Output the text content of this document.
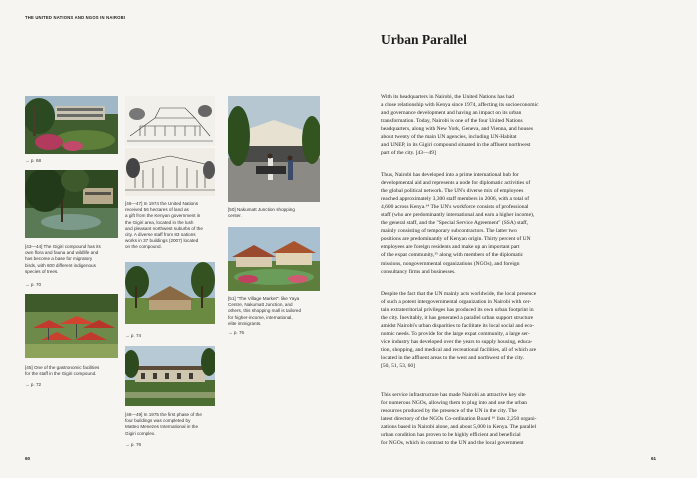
THE UNITED NATIONS AND NGOS IN NAIROBI
→ p. 68
[43—44] The Gigiri compound has its
own flora and fauna and wildlife and
has become a base for migratory
birds, with 600 different indigenous
species of trees.
→ p. 70
[45] One of the gastronomic facilities
for the staff in the Gigiri compound.
→ p. 72
[46—47] In 1974 the United Nations
received 56 hectares of land as
a gift from the Kenyan government in
the Gigiri area, located in the lush
and pleasant northwest suburbs of the
city. A diverse staff from 83 nations
works in 37 buildings (2007) located
on the compound.
→ p. 74
[48—49] In 1975 the first phase of the
four buildings was completed by
Matteo Menezes International in the
Gigiri complex.
→ p. 76
[50] Nakumatt Junction shopping
center.
[51] "The Village Market": like Yaya
Centre, Nakumatt Junction, and
others, this shopping mall is tailored
for higher-income, international,
elite immigrants.
→ p. 76
60
Urban Parallel

With its headquarters in Nairobi, the United Nations has had
a close relationship with Kenya since 1974, affecting its socioeconomic
and governance development and having an impact on its urban
transformation. Today, Nairobi is one of the four United Nations
headquarters, along with New York, Geneva, and Vienna, and houses
about twenty of the main UN agencies, including UN-Habitat
and UNEP, in its Gigiri compound situated in the affluent northwest
part of the city. [43—49]

Thus, Nairobi has developed into a prime international hub for
developmental aid and represents a node for diplomatic activities of
the global political network. The UN's diverse mix of employees
reached approximately 3,300 staff members in 2006, with a total of
4,600 across Kenya.¹⁴ The UN's workforce consists of professional
staff (who are predominantly international and earn a higher income),
the general staff, and the "Special Service Agreement" (SSA) staff,
mainly consisting of temporary subcontractors. The latter two
positions are predominantly of Kenyan origin. Thirty percent of UN
employees are foreign residents and make up an important part
of the expat community,¹⁵ along with members of the diplomatic
missions, nongovernmental organizations (NGOs), and foreign
consultancy firms and businesses.

Despite the fact that the UN mainly acts worldwide, the local presence
of such a potent intergovernmental organization in Nairobi with cer-
tain extraterritorial privileges has produced its own urban footprint in
the city. Inevitably, it has generated a parallel urban support structure
amidst Nairobi's urban disparities to facilitate its local social and eco-
nomic needs. To provide for the large expat community, a large ser-
vice industry has developed over the years to supply housing, educa-
tion, shopping, and medical and recreational facilities, all of which are
located in the affluent areas to the west and northwest of the city.
[50, 51, 53, 60]

This service infrastructure has made Nairobi an attractive key site
for numerous NGOs, allowing them to plug into and use the urban
resources produced by the presence of the UN in the city. The
latest directory of the NGOs Co-ordination Board ¹⁶ lists 2,250 organi-
zations based in Nairobi alone, and about 5,000 in Kenya. The parallel
urban condition has proven to be highly efficient and beneficial
for NGOs, which in contrast to the UN and the local government

61
